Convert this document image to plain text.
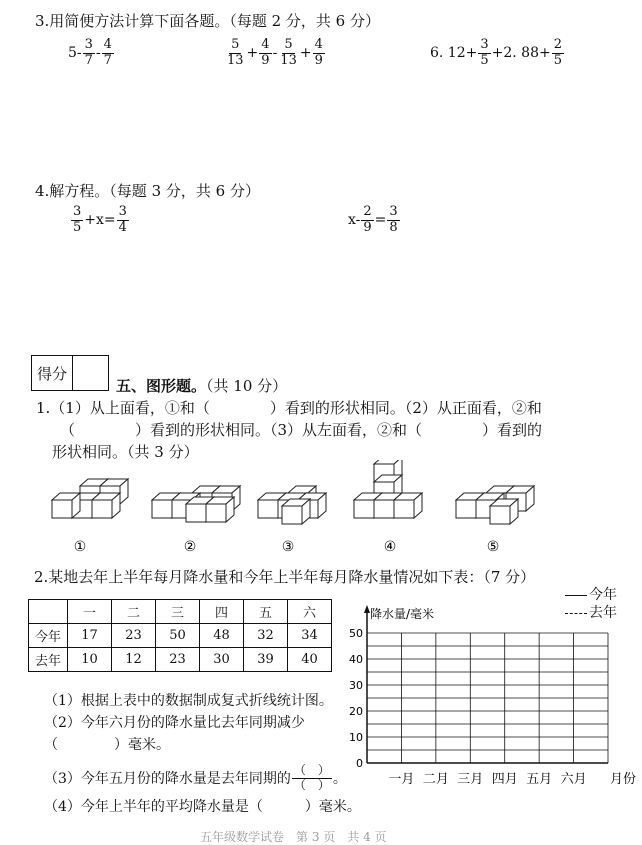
3.用简便方法计算下面各题。（每题 2 分，共 6 分）
$5- \frac{3}{7} - \frac{4}{7}$	$\frac{5}{13} + \frac{4}{9} - \frac{5}{13} + \frac{4}{9}$	6. $12+ \frac{3}{5} +2$. $88+ \frac{2}{5}$
4.解方程。（每题 3 分，共 6 分）
$\frac{3}{5} +x= \frac{3}{4}$	$x- \frac{2}{9} = \frac{3}{8}$
得分
五、图形题。（共 10 分）
1.（1）从上面看，①和（　　　　）看到的形状相同。（2）从正面看，②和
（　　　　）看到的形状相同。（3）从左面看，②和（　　　　）看到的
形状相同。（共 3 分）
①	②	③	④	⑤
2.某地去年上半年每月降水量和今年上半年每月降水量情况如下表：（7 分）
今年
去年
	一	二	三	四	五	六
今年	17	23	50	48	32	34
去年	10	12	23	30	39	40
（1）根据上表中的数据制成复式折线统计图。
（2）今年六月份的降水量比去年同期减少
（　　　　）毫米。
（3）今年五月份的降水量是去年同期的 $\frac{( )}{( )}$ 。
（4）今年上半年的平均降水量是（　　　）毫米。
降水量/毫米
50
40
30
20
10
0
一月 二月 三月 四月 五月 六月 月份
五年级数学试卷　第 3 页　共 4 页
